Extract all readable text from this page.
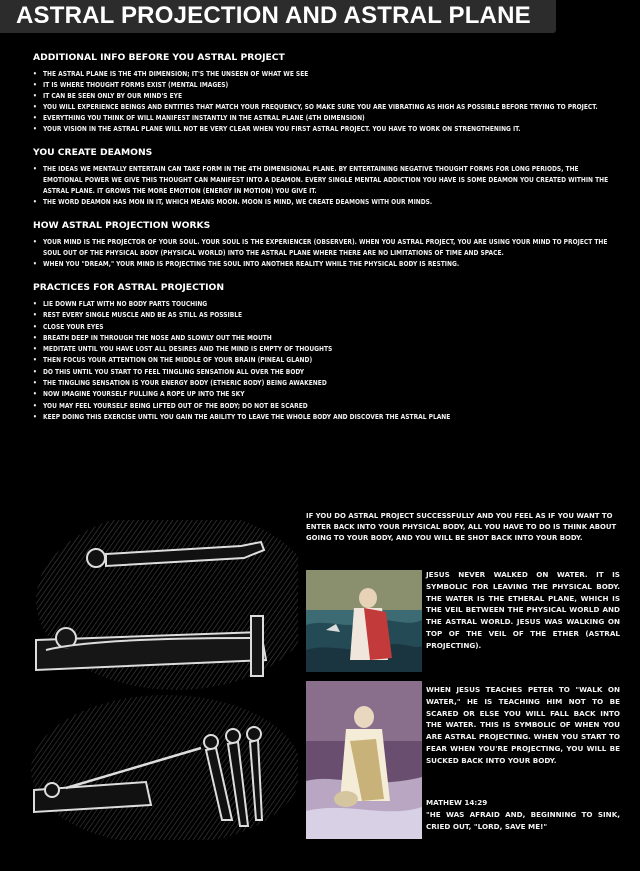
ASTRAL PROJECTION AND ASTRAL PLANE
ADDITIONAL INFO BEFORE YOU ASTRAL PROJECT
• THE ASTRAL PLANE IS THE 4TH DIMENSION; IT'S THE UNSEEN OF WHAT WE SEE
• IT IS WHERE THOUGHT FORMS EXIST (MENTAL IMAGES)
• IT CAN BE SEEN ONLY BY OUR MIND'S EYE
• YOU WILL EXPERIENCE BEINGS AND ENTITIES THAT MATCH YOUR FREQUENCY, SO MAKE SURE YOU ARE VIBRATING AS HIGH AS POSSIBLE BEFORE TRYING TO PROJECT.
• EVERYTHING YOU THINK OF WILL MANIFEST INSTANTLY IN THE ASTRAL PLANE (4TH DIMENSION)
• YOUR VISION IN THE ASTRAL PLANE WILL NOT BE VERY CLEAR WHEN YOU FIRST ASTRAL PROJECT. YOU HAVE TO WORK ON STRENGTHENING IT.
YOU CREATE DEAMONS
• THE IDEAS WE MENTALLY ENTERTAIN CAN TAKE FORM IN THE 4TH DIMENSIONAL PLANE. BY ENTERTAINING NEGATIVE THOUGHT FORMS FOR LONG PERIODS, THE EMOTIONAL POWER WE GIVE THIS THOUGHT CAN MANIFEST INTO A DEAMON. EVERY SINGLE MENTAL ADDICTION YOU HAVE IS SOME DEAMON YOU CREATED WITHIN THE ASTRAL PLANE. IT GROWS THE MORE EMOTION (ENERGY IN MOTION) YOU GIVE IT.
• THE WORD DEAMON HAS MON IN IT, WHICH MEANS MOON. MOON IS MIND, WE CREATE DEAMONS WITH OUR MINDS.
HOW ASTRAL PROJECTION WORKS
• YOUR MIND IS THE PROJECTOR OF YOUR SOUL. YOUR SOUL IS THE EXPERIENCER (OBSERVER). WHEN YOU ASTRAL PROJECT, YOU ARE USING YOUR MIND TO PROJECT THE SOUL OUT OF THE PHYSICAL BODY (PHYSICAL WORLD) INTO THE ASTRAL PLANE WHERE THERE ARE NO LIMITATIONS OF TIME AND SPACE.
• WHEN YOU "DREAM," YOUR MIND IS PROJECTING THE SOUL INTO ANOTHER REALITY WHILE THE PHYSICAL BODY IS RESTING.
PRACTICES FOR ASTRAL PROJECTION
• LIE DOWN FLAT WITH NO BODY PARTS TOUCHING
• REST EVERY SINGLE MUSCLE AND BE AS STILL AS POSSIBLE
• CLOSE YOUR EYES
• BREATH DEEP IN THROUGH THE NOSE AND SLOWLY OUT THE MOUTH
• MEDITATE UNTIL YOU HAVE LOST ALL DESIRES AND THE MIND IS EMPTY OF THOUGHTS
• THEN FOCUS YOUR ATTENTION ON THE MIDDLE OF YOUR BRAIN (PINEAL GLAND)
• DO THIS UNTIL YOU START TO FEEL TINGLING SENSATION ALL OVER THE BODY
• THE TINGLING SENSATION IS YOUR ENERGY BODY (ETHERIC BODY) BEING AWAKENED
• NOW IMAGINE YOURSELF PULLING A ROPE UP INTO THE SKY
• YOU MAY FEEL YOURSELF BEING LIFTED OUT OF THE BODY; DO NOT BE SCARED
• KEEP DOING THIS EXERCISE UNTIL YOU GAIN THE ABILITY TO LEAVE THE WHOLE BODY AND DISCOVER THE ASTRAL PLANE
IF YOU DO ASTRAL PROJECT SUCCESSFULLY AND YOU FEEL AS IF YOU WANT TO ENTER BACK INTO YOUR PHYSICAL BODY, ALL YOU HAVE TO DO IS THINK ABOUT GOING TO YOUR BODY, AND YOU WILL BE SHOT BACK INTO YOUR BODY.
JESUS NEVER WALKED ON WATER. IT IS SYMBOLIC FOR LEAVING THE PHYSICAL BODY. THE WATER IS THE ETHERAL PLANE, WHICH IS THE VEIL BETWEEN THE PHYSICAL WORLD AND THE ASTRAL WORLD. JESUS WAS WALKING ON TOP OF THE VEIL OF THE ETHER (ASTRAL PROJECTING).
WHEN JESUS TEACHES PETER TO "WALK ON WATER," HE IS TEACHING HIM NOT TO BE SCARED OR ELSE YOU WILL FALL BACK INTO THE WATER. THIS IS SYMBOLIC OF WHEN YOU ARE ASTRAL PROJECTING. WHEN YOU START TO FEAR WHEN YOU'RE PROJECTING, YOU WILL BE SUCKED BACK INTO YOUR BODY.
MATHEW 14:29
"HE WAS AFRAID AND, BEGINNING TO SINK, CRIED OUT, "LORD, SAVE ME!"
